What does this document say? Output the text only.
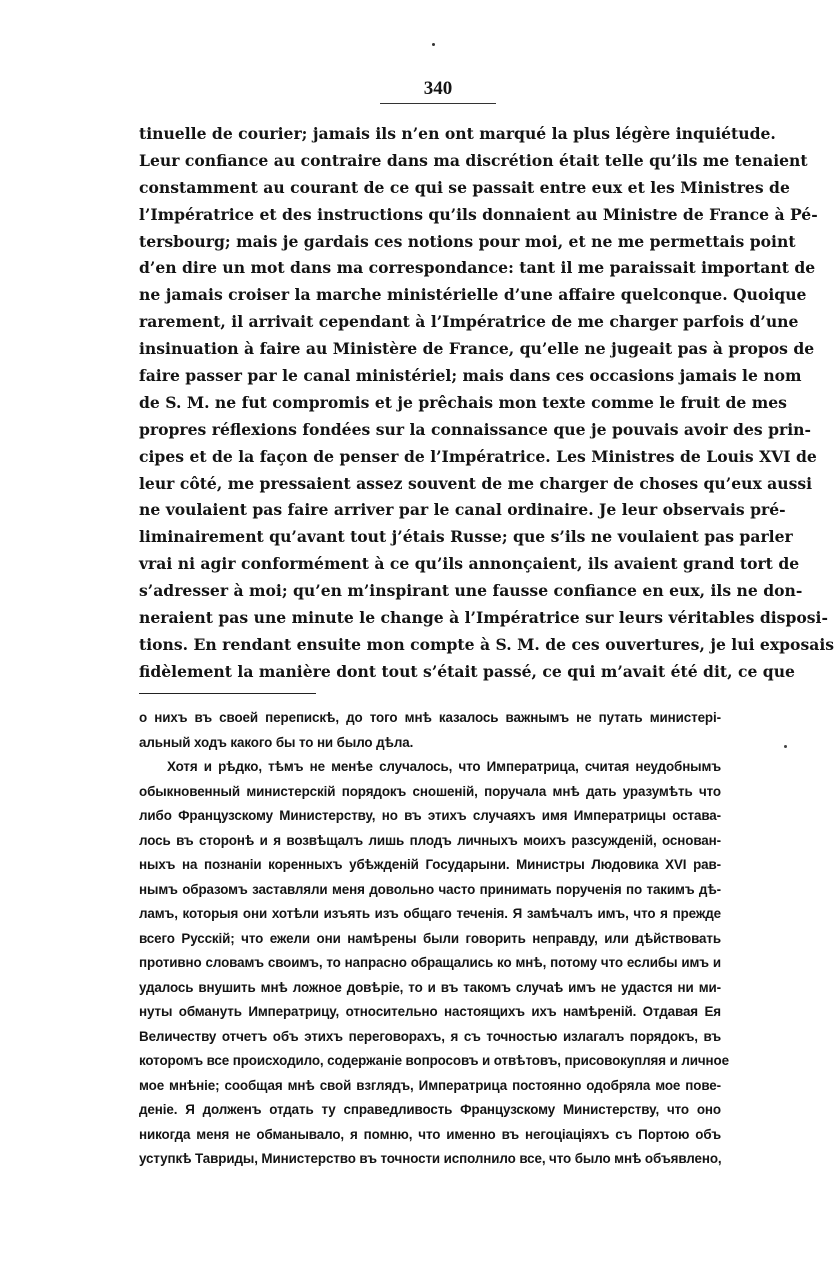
340
tinuelle de courier; jamais ils n’en ont marqué la plus légère inquiétude.
Leur confiance au contraire dans ma discrétion était telle qu’ils me tenaient
constamment au courant de ce qui se passait entre eux et les Ministres de
l’Impératrice et des instructions qu’ils donnaient au Ministre de France à Pé-
tersbourg; mais je gardais ces notions pour moi, et ne me permettais point
d’en dire un mot dans ma correspondance: tant il me paraissait important de
ne jamais croiser la marche ministérielle d’une affaire quelconque. Quoique
rarement, il arrivait cependant à l’Impératrice de me charger parfois d’une
insinuation à faire au Ministère de France, qu’elle ne jugeait pas à propos de
faire passer par le canal ministériel; mais dans ces occasions jamais le nom
de S. M. ne fut compromis et je prêchais mon texte comme le fruit de mes
propres réflexions fondées sur la connaissance que je pouvais avoir des prin-
cipes et de la façon de penser de l’Impératrice. Les Ministres de Louis XVI de
leur côté, me pressaient assez souvent de me charger de choses qu’eux aussi
ne voulaient pas faire arriver par le canal ordinaire. Je leur observais pré-
liminairement qu’avant tout j’étais Russe; que s’ils ne voulaient pas parler
vrai ni agir conformément à ce qu’ils annonçaient, ils avaient grand tort de
s’adresser à moi; qu’en m’inspirant une fausse confiance en eux, ils ne don-
neraient pas une minute le change à l’Impératrice sur leurs véritables disposi-
tions. En rendant ensuite mon compte à S. M. de ces ouvertures, je lui exposais
fidèlement la manière dont tout s’était passé, ce qui m’avait été dit, ce que
о нихъ въ своей перепискѣ, до того мнѣ казалось важнымъ не путать министерi-
альный ходъ какого бы то ни было дѣла.
Хотя и рѣдко, тѣмъ не менѣе случалось, что Императрица, считая неудобнымъ
обыкновенный министерскiй порядокъ сношенiй, поручала мнѣ дать уразумѣть что
либо Французскому Министерству, но въ этихъ случаяхъ имя Императрицы остава-
лось въ сторонѣ и я возвѣщалъ лишь плодъ личныхъ моихъ разсужденiй, основан-
ныхъ на познанiи коренныхъ убѣжденiй Государыни. Министры Людовика XVI рав-
нымъ образомъ заставляли меня довольно часто принимать порученiя по такимъ дѣ-
ламъ, которыя они хотѣли изъять изъ общаго теченiя. Я замѣчалъ имъ, что я прежде
всего Русскiй; что ежели они намѣрены были говорить неправду, или дѣйствовать
противно словамъ своимъ, то напрасно обращались ко мнѣ, потому что еслибы имъ и
удалось внушить мнѣ ложное довѣрiе, то и въ такомъ случаѣ имъ не удастся ни ми-
нуты обмануть Императрицу, относительно настоящихъ ихъ намѣренiй. Отдавая Ея
Величеству отчетъ объ этихъ переговорахъ, я съ точностью излагалъ порядокъ, въ
которомъ все происходило, содержанiе вопросовъ и отвѣтовъ, присовокупляя и личное
мое мнѣнiе; сообщая мнѣ свой взглядъ, Императрица постоянно одобряла мое пове-
денiе. Я долженъ отдать ту справедливость Французскому Министерству, что оно
никогда меня не обманывало, я помню, что именно въ негоцiацiяхъ съ Портою объ
уступкѣ Тавриды, Министерство въ точности исполнило все, что было мнѣ объявлено,
